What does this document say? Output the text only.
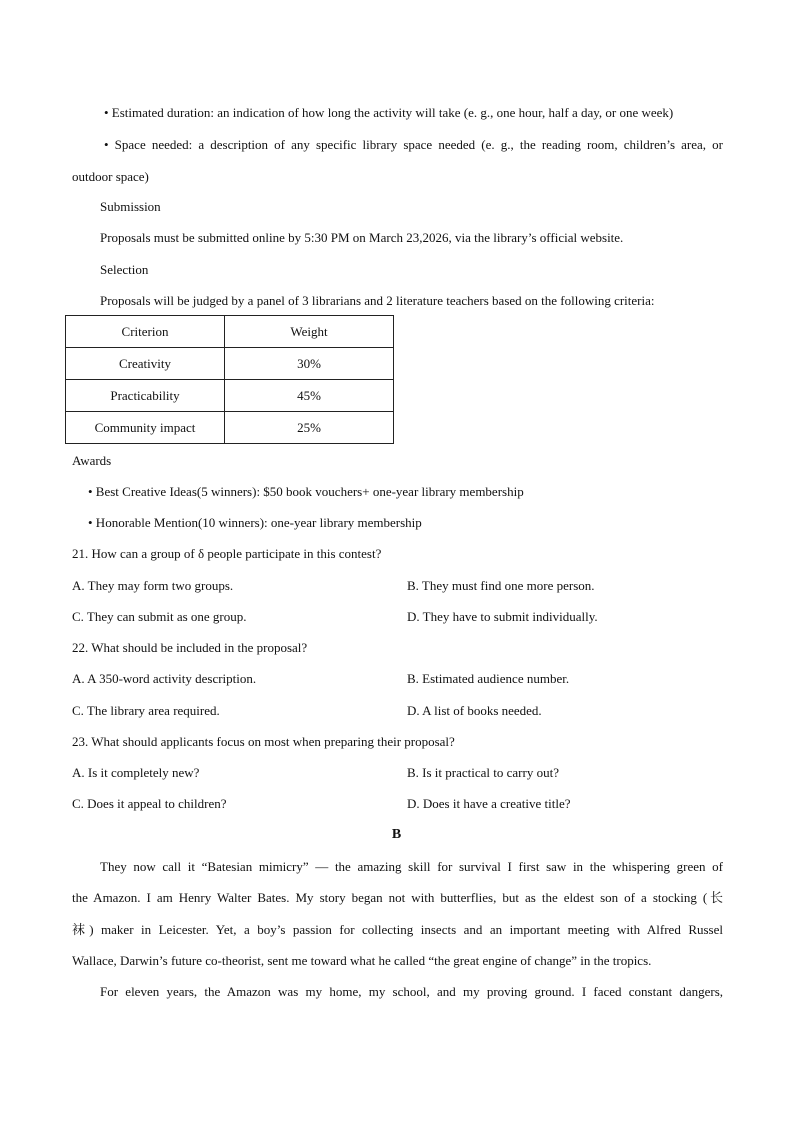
• Estimated duration: an indication of how long the activity will take (e. g., one hour, half a day, or one week)
• Space needed: a description of any specific library space needed (e. g., the reading room, children’s area, or
outdoor space)
Submission
Proposals must be submitted online by 5:30 PM on March 23,2026, via the library’s official website.
Selection
Proposals will be judged by a panel of 3 librarians and 2 literature teachers based on the following criteria:
Criterion	Weight
Creativity	30%
Practicability	45%
Community impact	25%
Awards
• Best Creative Ideas(5 winners): $50 book vouchers+ one-year library membership
• Honorable Mention(10 winners): one-year library membership
21. How can a group of δ people participate in this contest?
A. They may form two groups.	B. They must find one more person.
C. They can submit as one group.	D. They have to submit individually.
22. What should be included in the proposal?
A. A 350-word activity description.	B. Estimated audience number.
C. The library area required.	D. A list of books needed.
23. What should applicants focus on most when preparing their proposal?
A. Is it completely new?	B. Is it practical to carry out?
C. Does it appeal to children?	D. Does it have a creative title?
B
They now call it “Batesian mimicry” — the amazing skill for survival I first saw in the whispering green of
the Amazon. I am Henry Walter Bates. My story began not with butterflies, but as the eldest son of a stocking (长
袜) maker in Leicester. Yet, a boy’s passion for collecting insects and an important meeting with Alfred Russel
Wallace, Darwin’s future co-theorist, sent me toward what he called “the great engine of change” in the tropics.
For eleven years, the Amazon was my home, my school, and my proving ground. I faced constant dangers,
